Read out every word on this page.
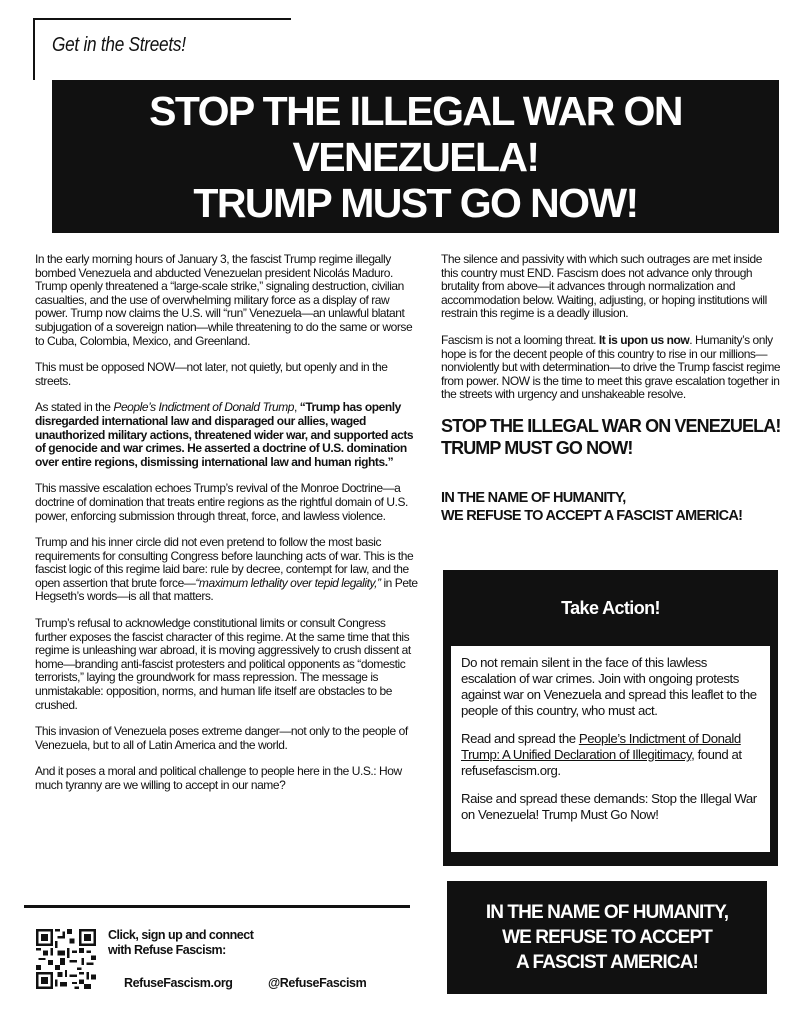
Get in the Streets!
STOP THE ILLEGAL WAR ON VENEZUELA!
TRUMP MUST GO NOW!

In the early morning hours of January 3, the fascist Trump regime illegally bombed Venezuela and abducted Venezuelan president Nicolás Maduro. Trump openly threatened a “large-scale strike,” signaling destruction, civilian casualties, and the use of overwhelming military force as a display of raw power. Trump now claims the U.S. will “run” Venezuela—an unlawful blatant subjugation of a sovereign nation—while threatening to do the same or worse to Cuba, Colombia, Mexico, and Greenland.

This must be opposed NOW—not later, not quietly, but openly and in the streets.

As stated in the People’s Indictment of Donald Trump, “Trump has openly disregarded international law and disparaged our allies, waged unauthorized military actions, threatened wider war, and supported acts of genocide and war crimes. He asserted a doctrine of U.S. domination over entire regions, dismissing international law and human rights.”

This massive escalation echoes Trump’s revival of the Monroe Doctrine—a doctrine of domination that treats entire regions as the rightful domain of U.S. power, enforcing submission through threat, force, and lawless violence.

Trump and his inner circle did not even pretend to follow the most basic requirements for consulting Congress before launching acts of war. This is the fascist logic of this regime laid bare: rule by decree, contempt for law, and the open assertion that brute force—“maximum lethality over tepid legality,” in Pete Hegseth’s words—is all that matters.

Trump’s refusal to acknowledge constitutional limits or consult Congress further exposes the fascist character of this regime. At the same time that this regime is unleashing war abroad, it is moving aggressively to crush dissent at home—branding anti-fascist protesters and political opponents as “domestic terrorists,” laying the groundwork for mass repression. The message is unmistakable: opposition, norms, and human life itself are obstacles to be crushed.

This invasion of Venezuela poses extreme danger—not only to the people of Venezuela, but to all of Latin America and the world.

And it poses a moral and political challenge to people here in the U.S.: How much tyranny are we willing to accept in our name?

The silence and passivity with which such outrages are met inside this country must END. Fascism does not advance only through brutality from above—it advances through normalization and accommodation below. Waiting, adjusting, or hoping institutions will restrain this regime is a deadly illusion.

Fascism is not a looming threat. It is upon us now. Humanity’s only hope is for the decent people of this country to rise in our millions—nonviolently but with determination—to drive the Trump fascist regime from power. NOW is the time to meet this grave escalation together in the streets with urgency and unshakeable resolve.

STOP THE ILLEGAL WAR ON VENEZUELA!
TRUMP MUST GO NOW!
IN THE NAME OF HUMANITY,
WE REFUSE TO ACCEPT A FASCIST AMERICA!
Take Action!

Do not remain silent in the face of this lawless escalation of war crimes. Join with ongoing protests against war on Venezuela and spread this leaflet to the people of this country, who must act.

Read and spread the People’s Indictment of Donald Trump: A Unified Declaration of Illegitimacy, found at refusefascism.org.

Raise and spread these demands: Stop the Illegal War on Venezuela! Trump Must Go Now!

IN THE NAME OF HUMANITY,
WE REFUSE TO ACCEPT
A FASCIST AMERICA!
Click, sign up and connect
with Refuse Fascism:
RefuseFascism.org	@RefuseFascism
